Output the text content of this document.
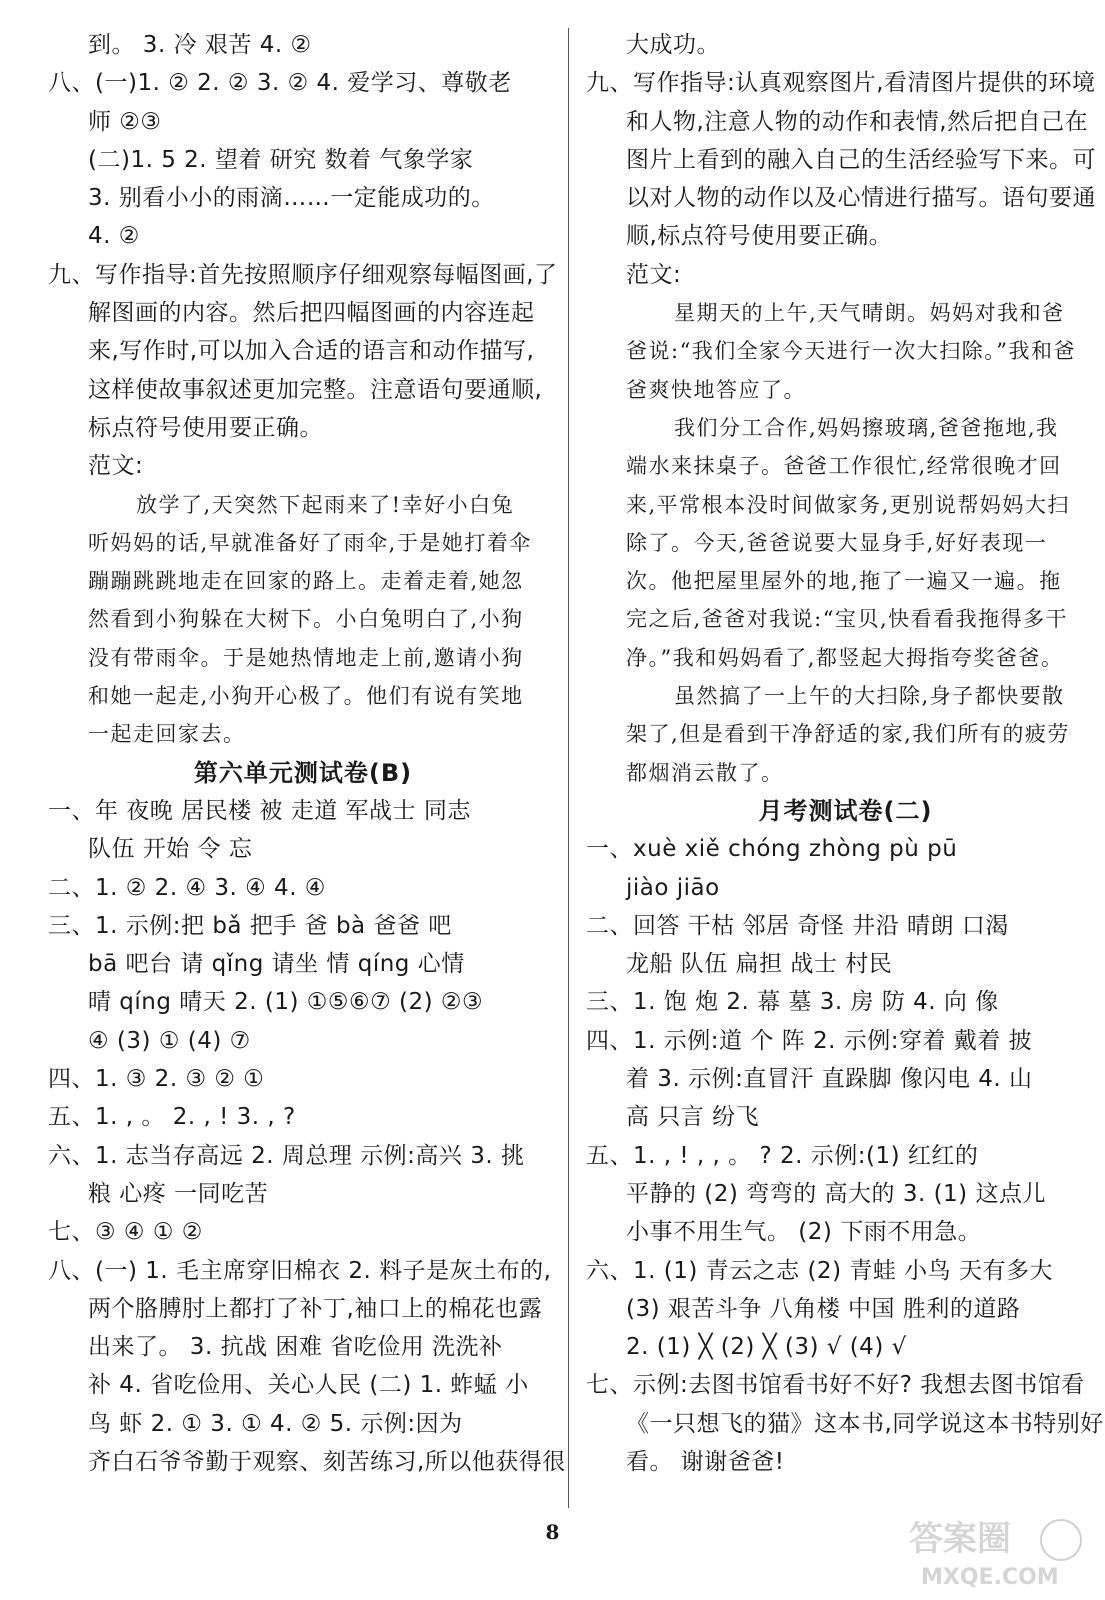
到。 3. 冷 艰苦 4. ②
八、(一)1. ② 2. ② 3. ② 4. 爱学习、尊敬老
师 ②③
(二)1. 5 2. 望着 研究 数着 气象学家
3. 别看小小的雨滴……一定能成功的。
4. ②
九、写作指导:首先按照顺序仔细观察每幅图画,了
解图画的内容。然后把四幅图画的内容连起
来,写作时,可以加入合适的语言和动作描写,
这样使故事叙述更加完整。注意语句要通顺,
标点符号使用要正确。
范文:
放学了,天突然下起雨来了!幸好小白兔
听妈妈的话,早就准备好了雨伞,于是她打着伞
蹦蹦跳跳地走在回家的路上。走着走着,她忽
然看到小狗躲在大树下。小白兔明白了,小狗
没有带雨伞。于是她热情地走上前,邀请小狗
和她一起走,小狗开心极了。他们有说有笑地
一起走回家去。
第六单元测试卷(B)
一、年 夜晚 居民楼 被 走道 军战士 同志
队伍 开始 令 忘
二、1. ② 2. ④ 3. ④ 4. ④
三、1. 示例:把 bǎ 把手 爸 bà 爸爸 吧
bā 吧台 请 qǐng 请坐 情 qíng 心情
晴 qíng 晴天 2. (1) ①⑤⑥⑦ (2) ②③
④ (3) ① (4) ⑦
四、1. ③ 2. ③ ② ①
五、1. , 。 2. , ! 3. , ?
六、1. 志当存高远 2. 周总理 示例:高兴 3. 挑
粮 心疼 一同吃苦
七、③ ④ ① ②
八、(一) 1. 毛主席穿旧棉衣 2. 料子是灰土布的,
两个胳膊肘上都打了补丁,袖口上的棉花也露
出来了。 3. 抗战 困难 省吃俭用 洗洗补
补 4. 省吃俭用、关心人民 (二) 1. 蚱蜢 小
鸟 虾 2. ① 3. ① 4. ② 5. 示例:因为
齐白石爷爷勤于观察、刻苦练习,所以他获得很
大成功。
九、写作指导:认真观察图片,看清图片提供的环境
和人物,注意人物的动作和表情,然后把自己在
图片上看到的融入自己的生活经验写下来。可
以对人物的动作以及心情进行描写。语句要通
顺,标点符号使用要正确。
范文:
星期天的上午,天气晴朗。妈妈对我和爸
爸说:“我们全家今天进行一次大扫除。”我和爸
爸爽快地答应了。
我们分工合作,妈妈擦玻璃,爸爸拖地,我
端水来抹桌子。爸爸工作很忙,经常很晚才回
来,平常根本没时间做家务,更别说帮妈妈大扫
除了。今天,爸爸说要大显身手,好好表现一
次。他把屋里屋外的地,拖了一遍又一遍。拖
完之后,爸爸对我说:“宝贝,快看看我拖得多干
净。”我和妈妈看了,都竖起大拇指夸奖爸爸。
虽然搞了一上午的大扫除,身子都快要散
架了,但是看到干净舒适的家,我们所有的疲劳
都烟消云散了。
月考测试卷(二)
一、xuè xiě chóng zhòng pù pū
jiào jiāo
二、回答 干枯 邻居 奇怪 井沿 晴朗 口渴
龙船 队伍 扁担 战士 村民
三、1. 饱 炮 2. 幕 墓 3. 房 防 4. 向 像
四、1. 示例:道 个 阵 2. 示例:穿着 戴着 披
着 3. 示例:直冒汗 直跺脚 像闪电 4. 山
高 只言 纷飞
五、1. , ! , , 。 ? 2. 示例:(1) 红红的
平静的 (2) 弯弯的 高大的 3. (1) 这点儿
小事不用生气。 (2) 下雨不用急。
六、1. (1) 青云之志 (2) 青蛙 小鸟 天有多大
(3) 艰苦斗争 八角楼 中国 胜利的道路
2. (1) ╳ (2) ╳ (3) √ (4) √
七、示例:去图书馆看书好不好? 我想去图书馆看
《一只想飞的猫》这本书,同学说这本书特别好
看。 谢谢爸爸!
8	答案圈
MXQE.COM
